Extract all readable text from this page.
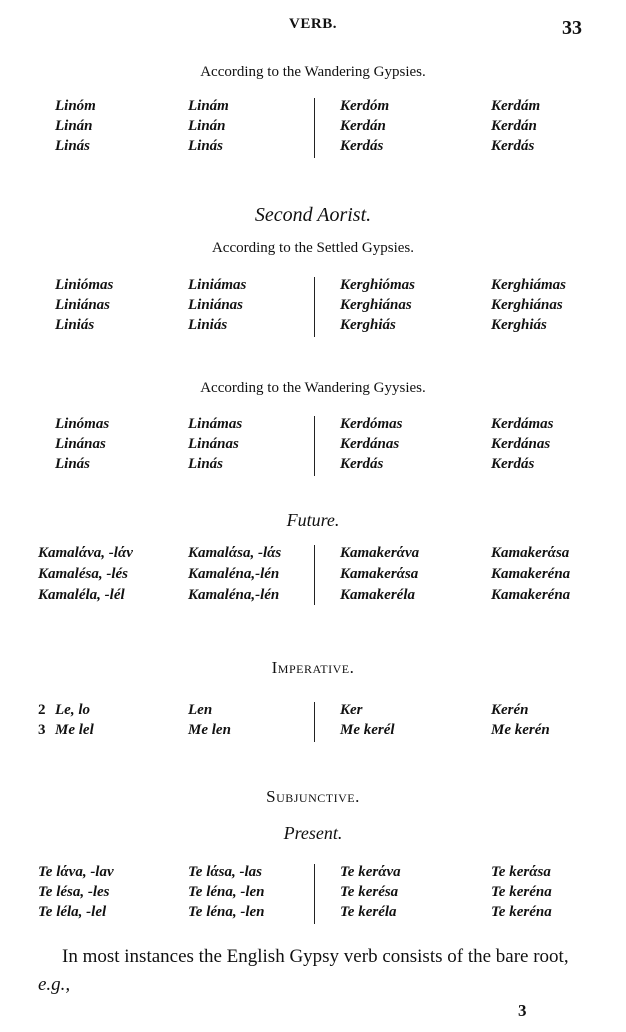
VERB.	33
According to the Wandering Gypsies.
Linóm	Linám	Kerdóm	Kerdám
Linán	Linán	Kerdán	Kerdán
Linás	Linás	Kerdás	Kerdás
Second Aorist.
According to the Settled Gypsies.
Liniómas	Liniámas	Kerghiómas	Kerghiámas
Liniánas	Liniánas	Kerghiánas	Kerghiánas
Liniás	Liniás	Kerghiás	Kerghiás
According to the Wandering Gyysies.
Linómas	Linámas	Kerdómas	Kerdámas
Linánas	Linánas	Kerdánas	Kerdánas
Linás	Linás	Kerdás	Kerdás
Future.
Kamalάva, -lάv	Kamalάsa, -lάs	Kamakerάva	Kamakerάsa
Kamalésa, -lés	Kamaléna,-lén	Kamakerάsa	Kamakeréna
Kamaléla, -lél	Kamaléna,-lén	Kamakeréla	Kamakeréna
Imperative.
2 Le, lo	Len	Ker	Kerén
3 Me lel	Me len	Me kerél	Me kerén
Subjunctive.
Present.
Te lάva, -lav	Te lάsa, -las	Te kerάva	Te kerάsa
Te lésa, -les	Te léna, -len	Te kerésa	Te keréna
Te léla, -lel	Te léna, -len	Te keréla	Te keréna
In most instances the English Gypsy verb consists of the bare root, e.g.,
3
